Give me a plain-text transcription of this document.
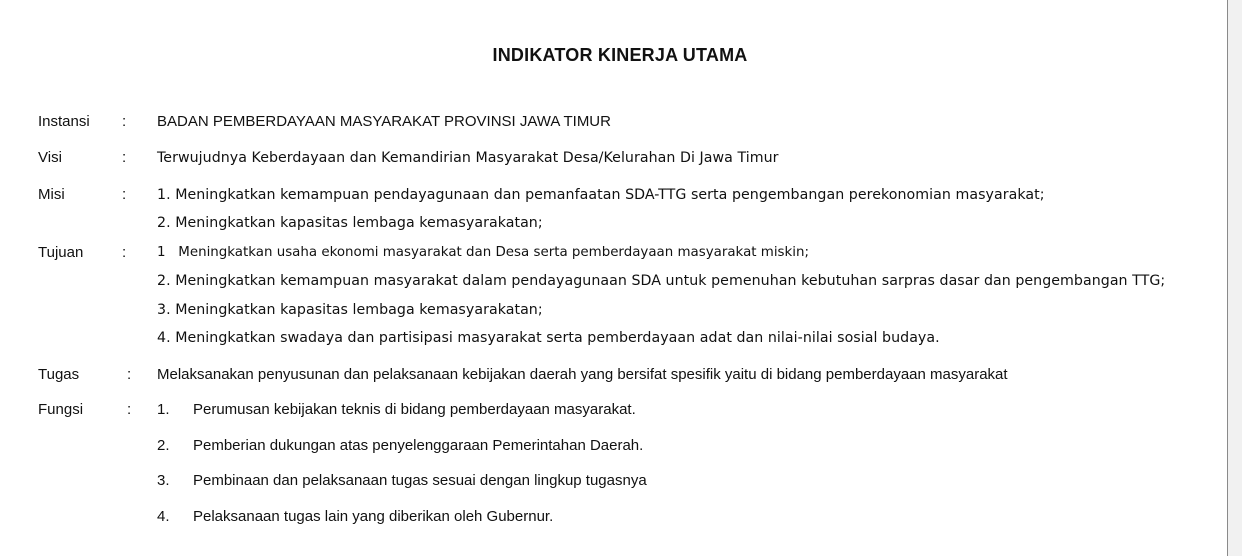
INDIKATOR KINERJA UTAMA
Instansi : BADAN PEMBERDAYAAN MASYARAKAT PROVINSI JAWA TIMUR
Visi	: Terwujudnya Keberdayaan dan Kemandirian Masyarakat Desa/Kelurahan Di Jawa Timur
Misi	: 1. Meningkatkan kemampuan pendayagunaan dan pemanfaatan SDA-TTG serta pengembangan perekonomian masyarakat;
2. Meningkatkan kapasitas lembaga kemasyarakatan;
Tujuan	: 1   Meningkatkan usaha ekonomi masyarakat dan Desa serta pemberdayaan masyarakat miskin;
2. Meningkatkan kemampuan masyarakat dalam pendayagunaan SDA untuk pemenuhan kebutuhan sarpras dasar dan pengembangan TTG;
3. Meningkatkan kapasitas lembaga kemasyarakatan;
4. Meningkatkan swadaya dan partisipasi masyarakat serta pemberdayaan adat dan nilai-nilai sosial budaya.
Tugas	: Melaksanakan penyusunan dan pelaksanaan kebijakan daerah yang bersifat spesifik yaitu di bidang pemberdayaan masyarakat
Fungsi	: 1. Perumusan kebijakan teknis di bidang pemberdayaan masyarakat.
2. Pemberian dukungan atas penyelenggaraan Pemerintahan Daerah.
3. Pembinaan dan pelaksanaan tugas sesuai dengan lingkup tugasnya
4. Pelaksanaan tugas lain yang diberikan oleh Gubernur.
